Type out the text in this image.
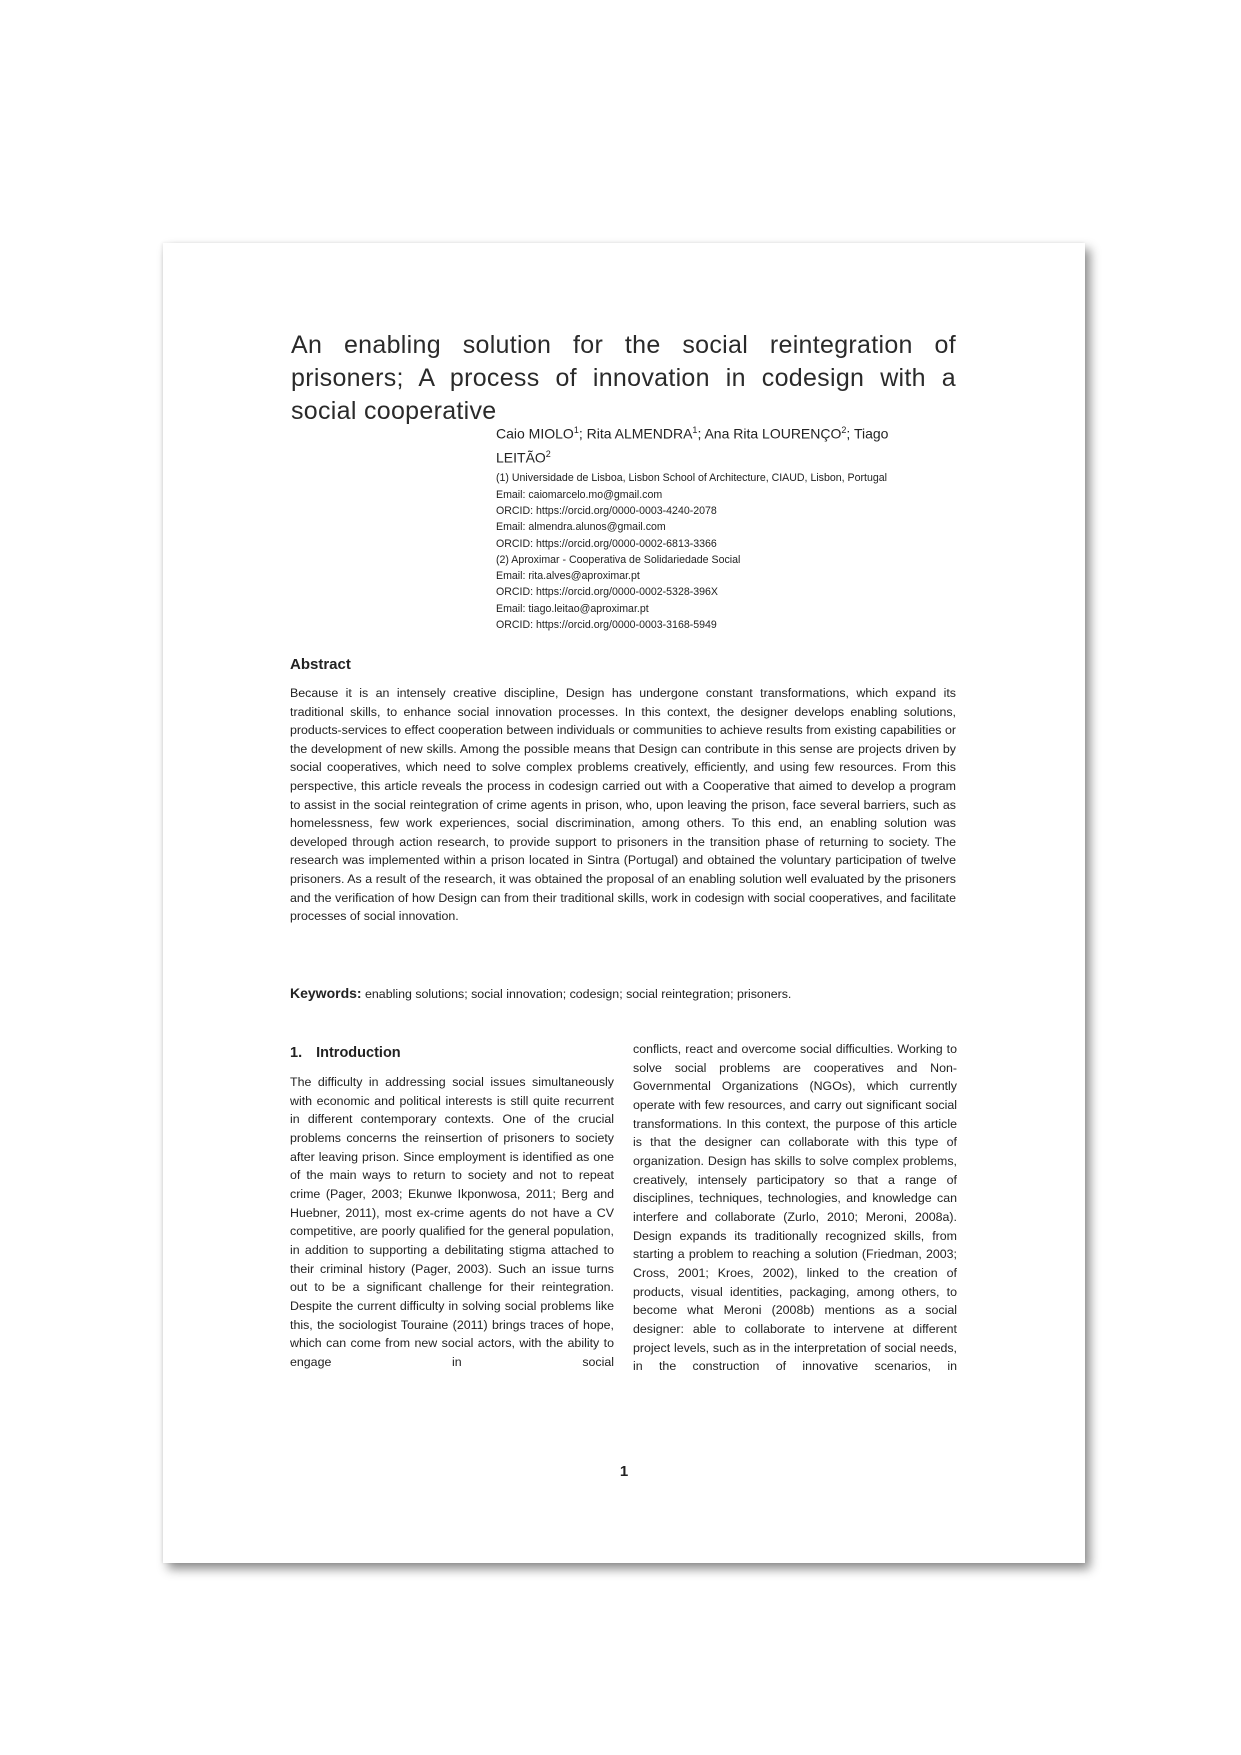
An enabling solution for the social reintegration of prisoners; A process of innovation in codesign with a social cooperative
Caio MIOLO$^1$; Rita ALMENDRA$^1$; Ana Rita LOURENÇO$^2$; Tiago
LEITÃO$^2$
(1) Universidade de Lisboa, Lisbon School of Architecture, CIAUD, Lisbon, Portugal
Email: caiomarcelo.mo@gmail.com
ORCID: https://orcid.org/0000-0003-4240-2078
Email: almendra.alunos@gmail.com
ORCID: https://orcid.org/0000-0002-6813-3366
(2) Aproximar - Cooperativa de Solidariedade Social
Email: rita.alves@aproximar.pt
ORCID: https://orcid.org/0000-0002-5328-396X
Email: tiago.leitao@aproximar.pt
ORCID: https://orcid.org/0000-0003-3168-5949
Abstract
Because it is an intensely creative discipline, Design has undergone constant transformations, which expand its traditional skills, to enhance social innovation processes. In this context, the designer develops enabling solutions, products-services to effect cooperation between individuals or communities to achieve results from existing capabilities or the development of new skills. Among the possible means that Design can contribute in this sense are projects driven by social cooperatives, which need to solve complex problems creatively, efficiently, and using few resources. From this perspective, this article reveals the process in codesign carried out with a Cooperative that aimed to develop a program to assist in the social reintegration of crime agents in prison, who, upon leaving the prison, face several barriers, such as homelessness, few work experiences, social discrimination, among others. To this end, an enabling solution was developed through action research, to provide support to prisoners in the transition phase of returning to society. The research was implemented within a prison located in Sintra (Portugal) and obtained the voluntary participation of twelve prisoners. As a result of the research, it was obtained the proposal of an enabling solution well evaluated by the prisoners and the verification of how Design can from their traditional skills, work in codesign with social cooperatives, and facilitate processes of social innovation.
Keywords: enabling solutions; social innovation; codesign; social reintegration; prisoners.
1. Introduction

The difficulty in addressing social issues simultaneously with economic and political interests is still quite recurrent in different contemporary contexts. One of the crucial problems concerns the reinsertion of prisoners to society after leaving prison. Since employment is identified as one of the main ways to return to society and not to repeat crime (Pager, 2003; Ekunwe Ikponwosa, 2011; Berg and Huebner, 2011), most ex-crime agents do not have a CV competitive, are poorly qualified for the general population, in addition to supporting a debilitating stigma attached to their criminal history (Pager, 2003). Such an issue turns out to be a significant challenge for their reintegration.

Despite the current difficulty in solving social problems like this, the sociologist Touraine (2011) brings traces of hope, which can come from new social actors, with the ability to engage in social

conflicts, react and overcome social difficulties. Working to solve social problems are cooperatives and Non-Governmental Organizations (NGOs), which currently operate with few resources, and carry out significant social transformations. In this context, the purpose of this article is that the designer can collaborate with this type of organization. Design has skills to solve complex problems, creatively, intensely participatory so that a range of disciplines, techniques, technologies, and knowledge can interfere and collaborate (Zurlo, 2010; Meroni, 2008a). Design expands its traditionally recognized skills, from starting a problem to reaching a solution (Friedman, 2003; Cross, 2001; Kroes, 2002), linked to the creation of products, visual identities, packaging, among others, to become what Meroni (2008b) mentions as a social designer: able to collaborate to intervene at different project levels, such as in the interpretation of social needs, in the construction of innovative scenarios, in

1
